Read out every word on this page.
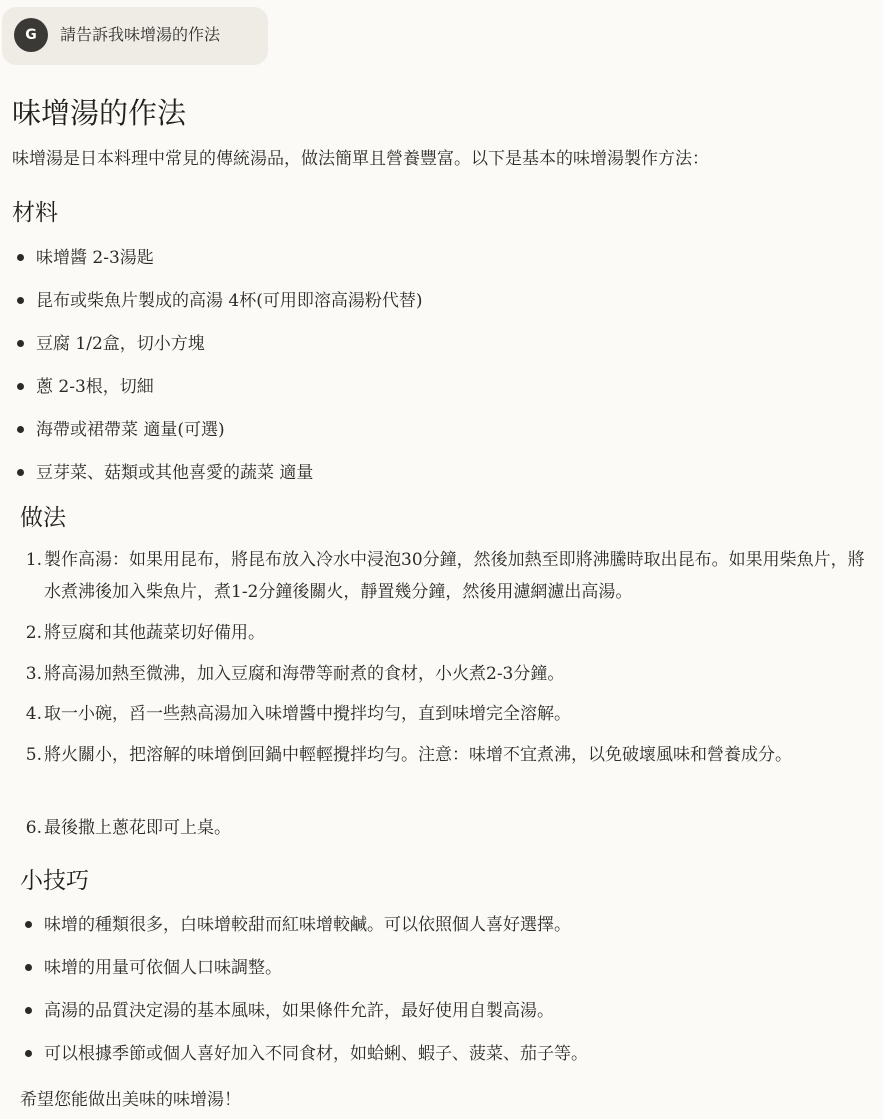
G	請告訴我味增湯的作法
味增湯的作法

味增湯是日本料理中常見的傳統湯品，做法簡單且營養豐富。以下是基本的味增湯製作方法：

材料
味增醬 2-3湯匙
昆布或柴魚片製成的高湯 4杯(可用即溶高湯粉代替)
豆腐 1/2盒，切小方塊
蔥 2-3根，切細
海帶或裙帶菜 適量(可選)
豆芽菜、菇類或其他喜愛的蔬菜 適量
做法
1. 製作高湯：如果用昆布，將昆布放入冷水中浸泡30分鐘，然後加熱至即將沸騰時取出昆布。如果用柴魚片，將水煮沸後加入柴魚片，煮1-2分鐘後關火，靜置幾分鐘，然後用濾網濾出高湯。
2. 將豆腐和其他蔬菜切好備用。
3. 將高湯加熱至微沸，加入豆腐和海帶等耐煮的食材，小火煮2-3分鐘。
4. 取一小碗，舀一些熱高湯加入味增醬中攪拌均勻，直到味增完全溶解。
5. 將火關小，把溶解的味增倒回鍋中輕輕攪拌均勻。注意：味增不宜煮沸，以免破壞風味和營養成分。
6. 最後撒上蔥花即可上桌。
小技巧
味增的種類很多，白味增較甜而紅味增較鹹。可以依照個人喜好選擇。
味增的用量可依個人口味調整。
高湯的品質決定湯的基本風味，如果條件允許，最好使用自製高湯。
可以根據季節或個人喜好加入不同食材，如蛤蜊、蝦子、菠菜、茄子等。

希望您能做出美味的味增湯！
